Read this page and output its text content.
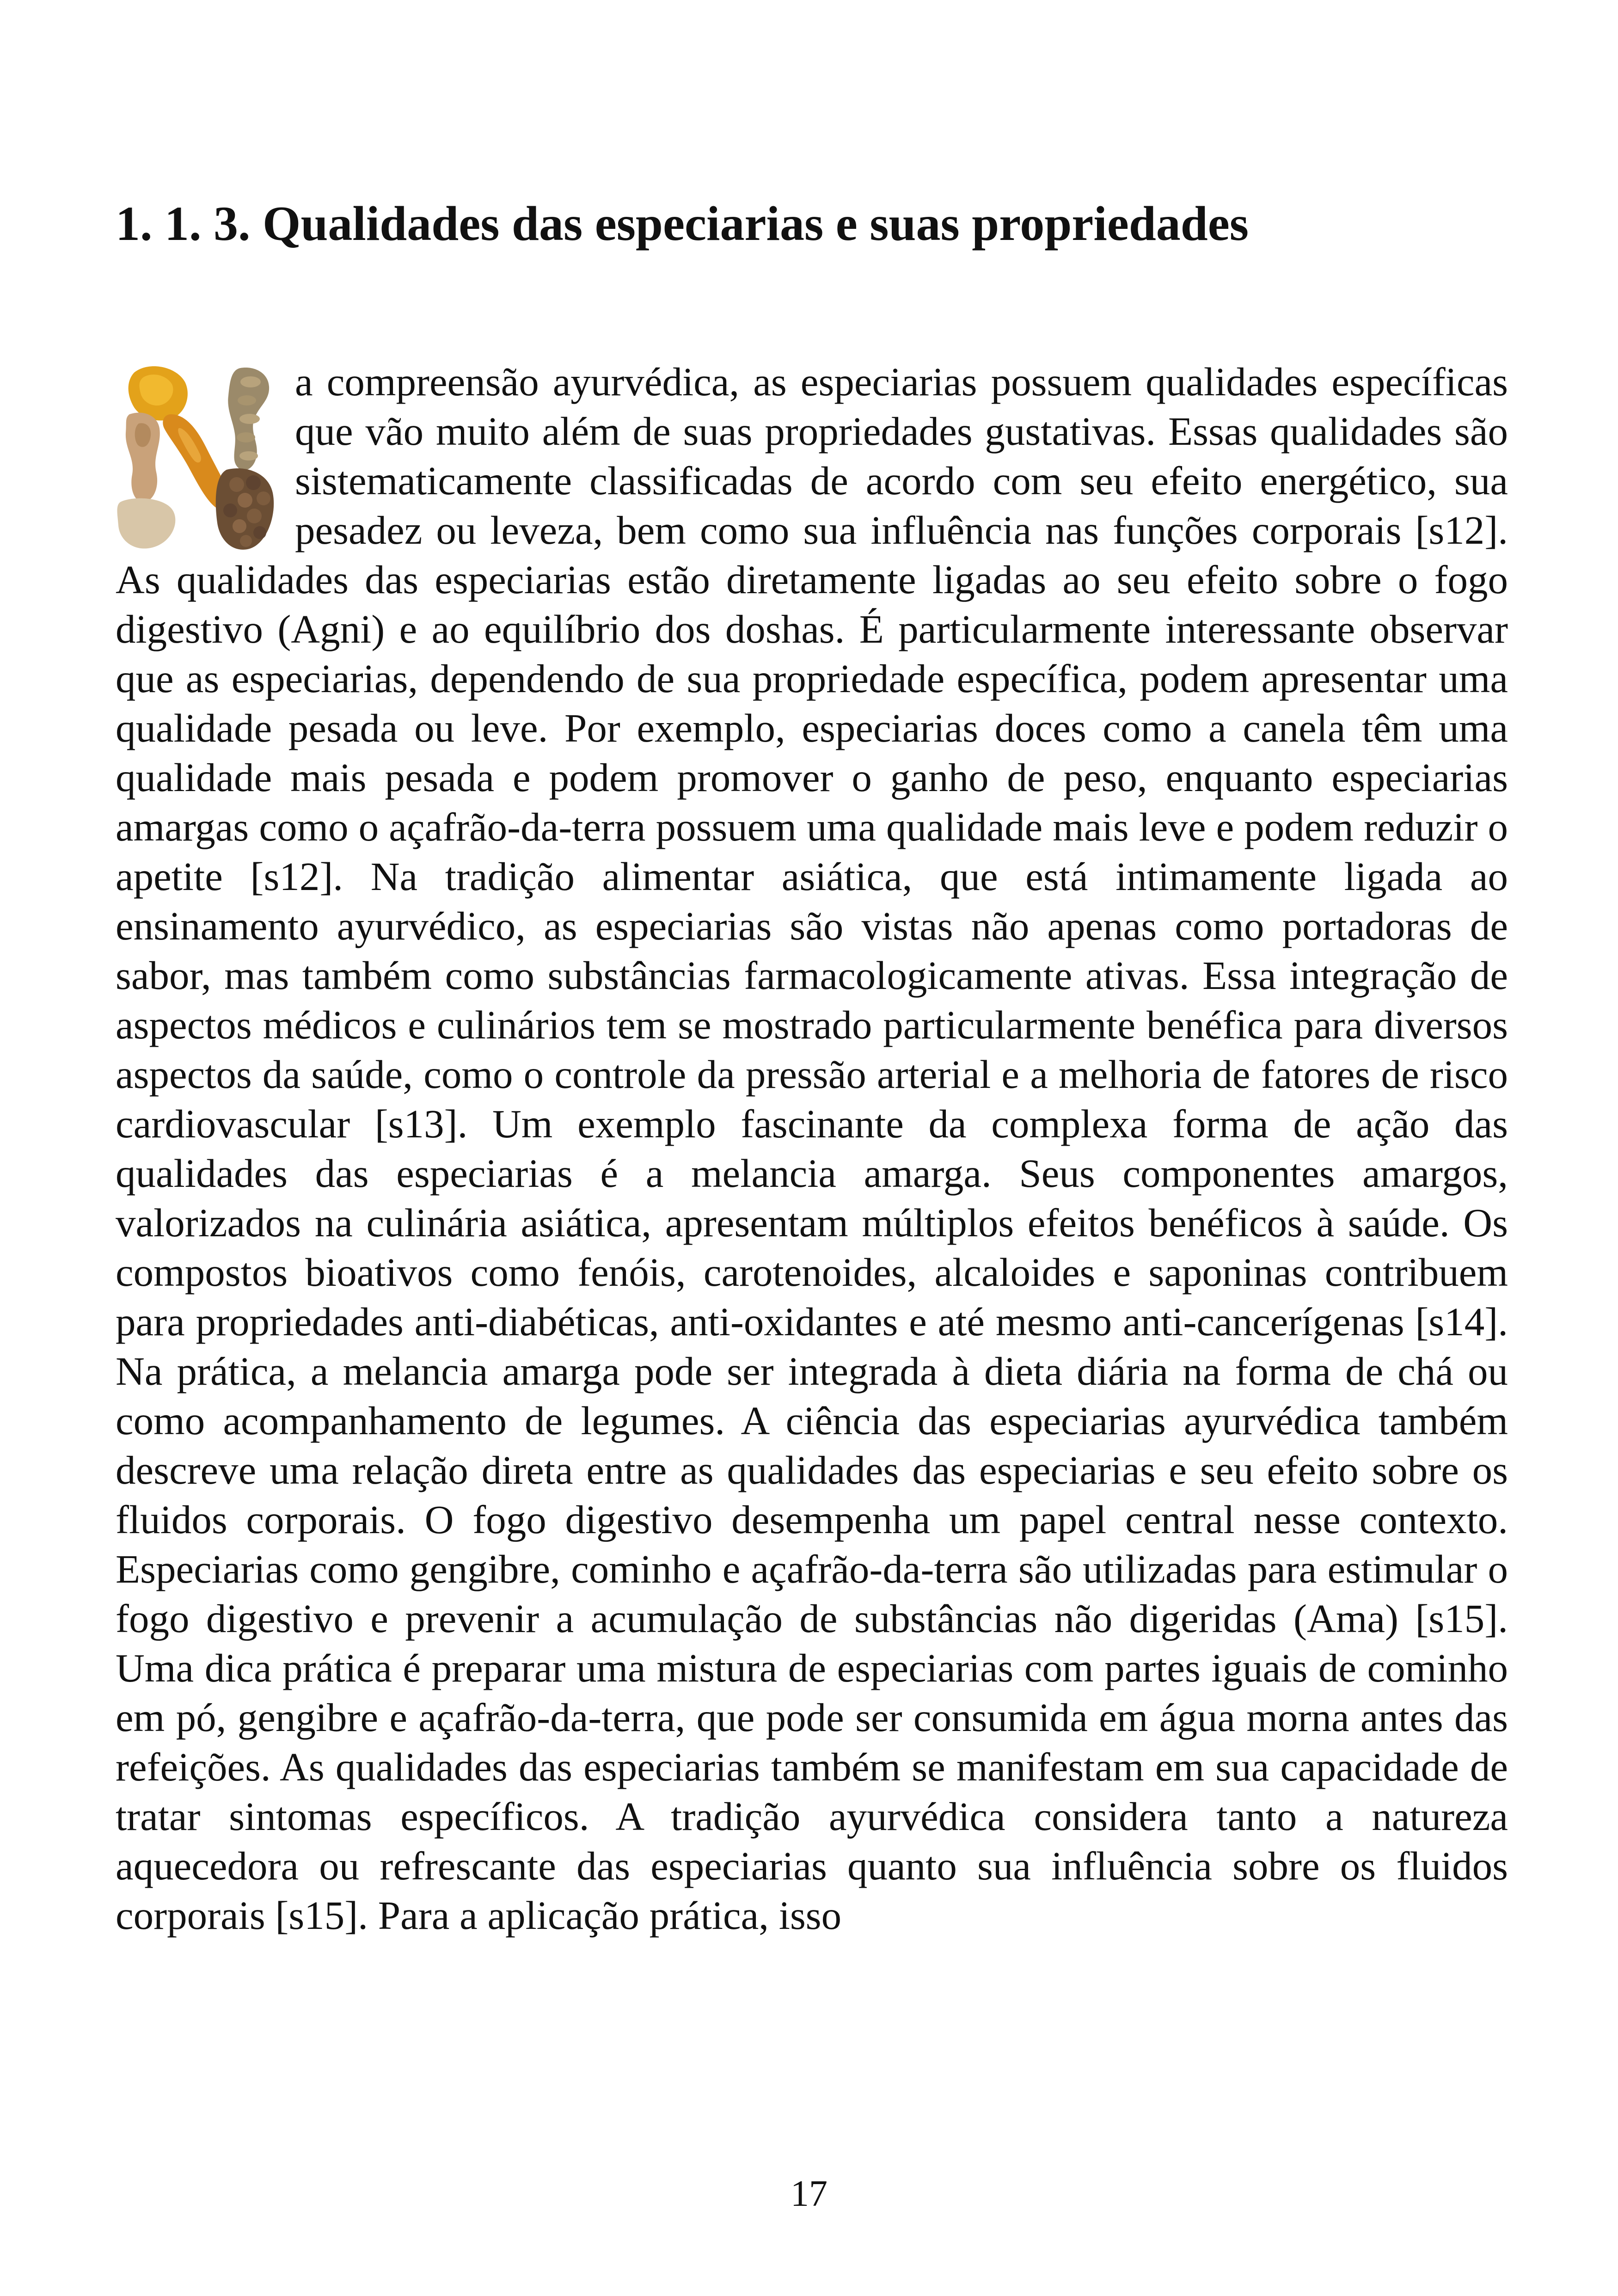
1. 1. 3. Qualidades das especiarias e suas propriedades

a compreensão ayurvédica, as especiarias possuem qualidades específicas que vão muito além de suas propriedades gustativas. Essas qualidades são sistematicamente classificadas de acordo com seu efeito energético, sua pesadez ou leveza, bem como sua influência nas funções corporais [s12]. As qualidades das especiarias estão diretamente ligadas ao seu efeito sobre o fogo digestivo (Agni) e ao equilíbrio dos doshas. É particularmente interessante observar que as especiarias, dependendo de sua propriedade específica, podem apresentar uma qualidade pesada ou leve. Por exemplo, especiarias doces como a canela têm uma qualidade mais pesada e podem promover o ganho de peso, enquanto especiarias amargas como o açafrão-da-terra possuem uma qualidade mais leve e podem reduzir o apetite [s12]. Na tradição alimentar asiática, que está intimamente ligada ao ensinamento ayurvédico, as especiarias são vistas não apenas como portadoras de sabor, mas também como substâncias farmacologicamente ativas. Essa integração de aspectos médicos e culinários tem se mostrado particularmente benéfica para diversos aspectos da saúde, como o controle da pressão arterial e a melhoria de fatores de risco cardiovascular [s13]. Um exemplo fascinante da complexa forma de ação das qualidades das especiarias é a melancia amarga. Seus componentes amargos, valorizados na culinária asiática, apresentam múltiplos efeitos benéficos à saúde. Os compostos bioativos como fenóis, carotenoides, alcaloides e saponinas contribuem para propriedades anti-diabéticas, anti-oxidantes e até mesmo anti-cancerígenas [s14]. Na prática, a melancia amarga pode ser integrada à dieta diária na forma de chá ou como acompanhamento de legumes. A ciência das especiarias ayurvédica também descreve uma relação direta entre as qualidades das especiarias e seu efeito sobre os fluidos corporais. O fogo digestivo desempenha um papel central nesse contexto. Especiarias como gengibre, cominho e açafrão-da-terra são utilizadas para estimular o fogo digestivo e prevenir a acumulação de substâncias não digeridas (Ama) [s15]. Uma dica prática é preparar uma mistura de especiarias com partes iguais de cominho em pó, gengibre e açafrão-da-terra, que pode ser consumida em água morna antes das refeições. As qualidades das especiarias também se manifestam em sua capacidade de tratar sintomas específicos. A tradição ayurvédica considera tanto a natureza aquecedora ou refrescante das especiarias quanto sua influência sobre os fluidos corporais [s15]. Para a aplicação prática, isso

17
